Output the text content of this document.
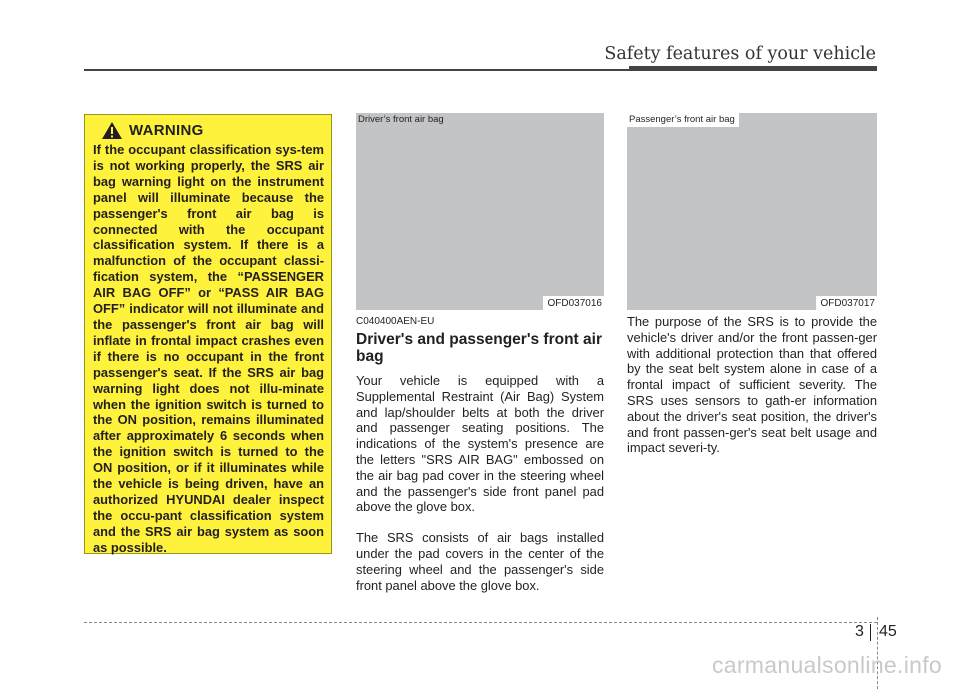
Safety features of your vehicle
WARNING
If the occupant classification sys-tem is not working properly, the SRS air bag warning light on the instrument panel will illuminate because the passenger's front air bag is connected with the occupant classification system. If there is a malfunction of the occupant classi-fication system, the “PASSENGER AIR BAG OFF” or “PASS AIR BAG OFF” indicator will not illuminate and the passenger's front air bag will inflate in frontal impact crashes even if there is no occupant in the front passenger's seat. If the SRS air bag warning light does not illu-minate when the ignition switch is turned to the ON position, remains illuminated after approximately 6 seconds when the ignition switch is turned to the ON position, or if it illuminates while the vehicle is being driven, have an authorized HYUNDAI dealer inspect the occu-pant classification system and the SRS air bag system as soon as possible.
Driver’s front air bag
OFD037016
Passenger’s front air bag
OFD037017
C040400AEN-EU
Driver's and passenger's front air bag

Your vehicle is equipped with a Supplemental Restraint (Air Bag) System and lap/shoulder belts at both the driver and passenger seating positions. The indications of the system's presence are the letters "SRS AIR BAG" embossed on the air bag pad cover in the steering wheel and the passenger's side front panel pad above the glove box.

The SRS consists of air bags installed under the pad covers in the center of the steering wheel and the passenger's side front panel above the glove box.

The purpose of the SRS is to provide the vehicle's driver and/or the front passen-ger with additional protection than that offered by the seat belt system alone in case of a frontal impact of sufficient severity. The SRS uses sensors to gath-er information about the driver's seat position, the driver's and front passen-ger's seat belt usage and impact severi-ty.

3 45
carmanualsonline.info
